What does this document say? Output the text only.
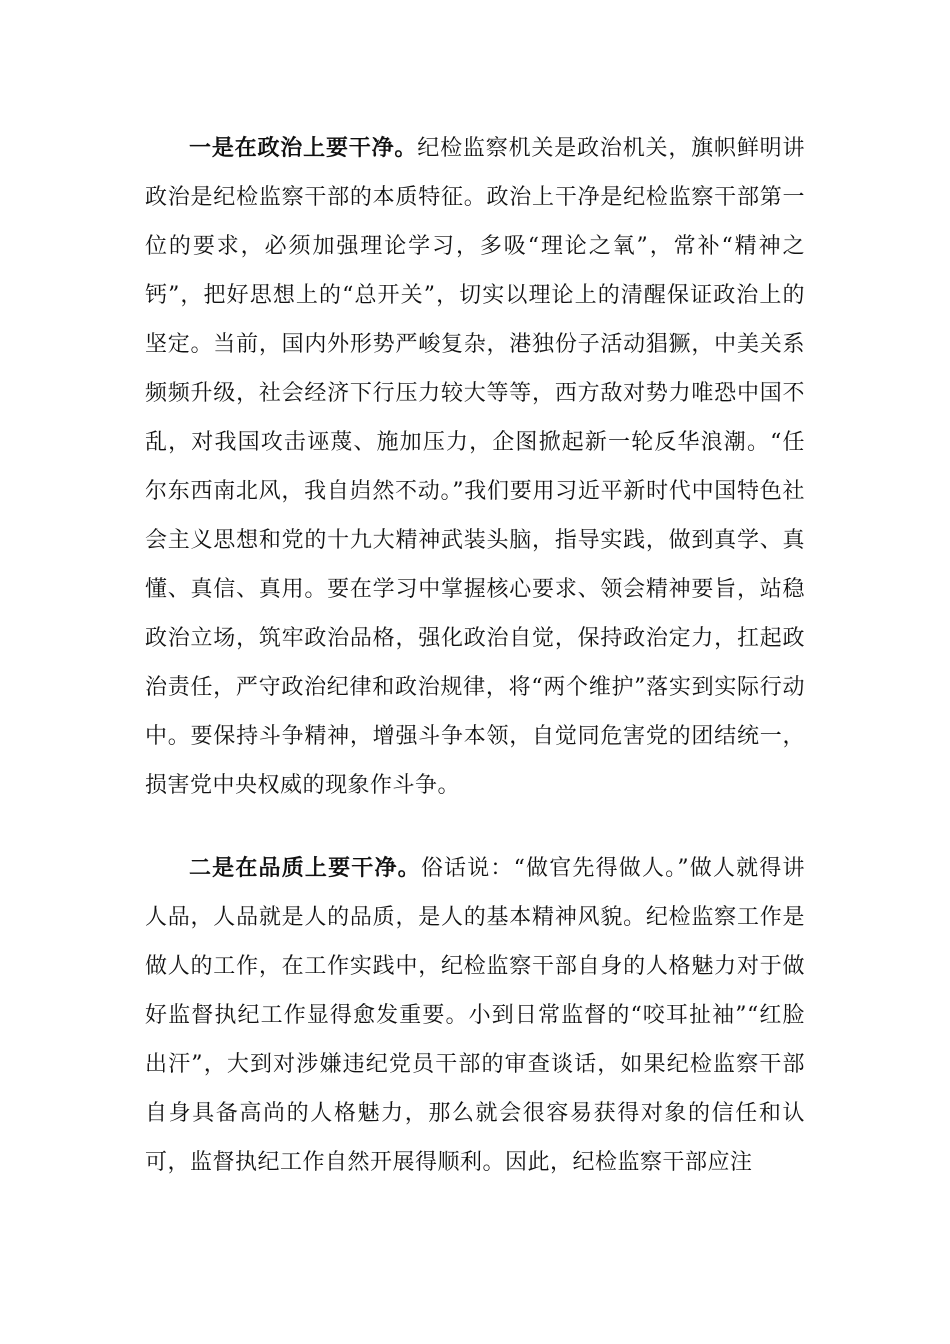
一是在政治上要干净。纪检监察机关是政治机关，旗帜鲜明讲政治是纪检监察干部的本质特征。政治上干净是纪检监察干部第一位的要求，必须加强理论学习，多吸“理论之氧”，常补“精神之钙”，把好思想上的“总开关”，切实以理论上的清醒保证政治上的坚定。当前，国内外形势严峻复杂，港独份子活动猖獗，中美关系频频升级，社会经济下行压力较大等等，西方敌对势力唯恐中国不乱，对我国攻击诬蔑、施加压力，企图掀起新一轮反华浪潮。“任尔东西南北风，我自岿然不动。”我们要用习近平新时代中国特色社会主义思想和党的十九大精神武装头脑，指导实践，做到真学、真懂、真信、真用。要在学习中掌握核心要求、领会精神要旨，站稳政治立场，筑牢政治品格，强化政治自觉，保持政治定力，扛起政治责任，严守政治纪律和政治规律，将“两个维护”落实到实际行动中。要保持斗争精神，增强斗争本领，自觉同危害党的团结统一，损害党中央权威的现象作斗争。

二是在品质上要干净。俗话说：“做官先得做人。”做人就得讲人品，人品就是人的品质，是人的基本精神风貌。纪检监察工作是做人的工作，在工作实践中，纪检监察干部自身的人格魅力对于做好监督执纪工作显得愈发重要。小到日常监督的“咬耳扯袖”“红脸出汗”，大到对涉嫌违纪党员干部的审查谈话，如果纪检监察干部自身具备高尚的人格魅力，那么就会很容易获得对象的信任和认可，监督执纪工作自然开展得顺利。因此，纪检监察干部应注
